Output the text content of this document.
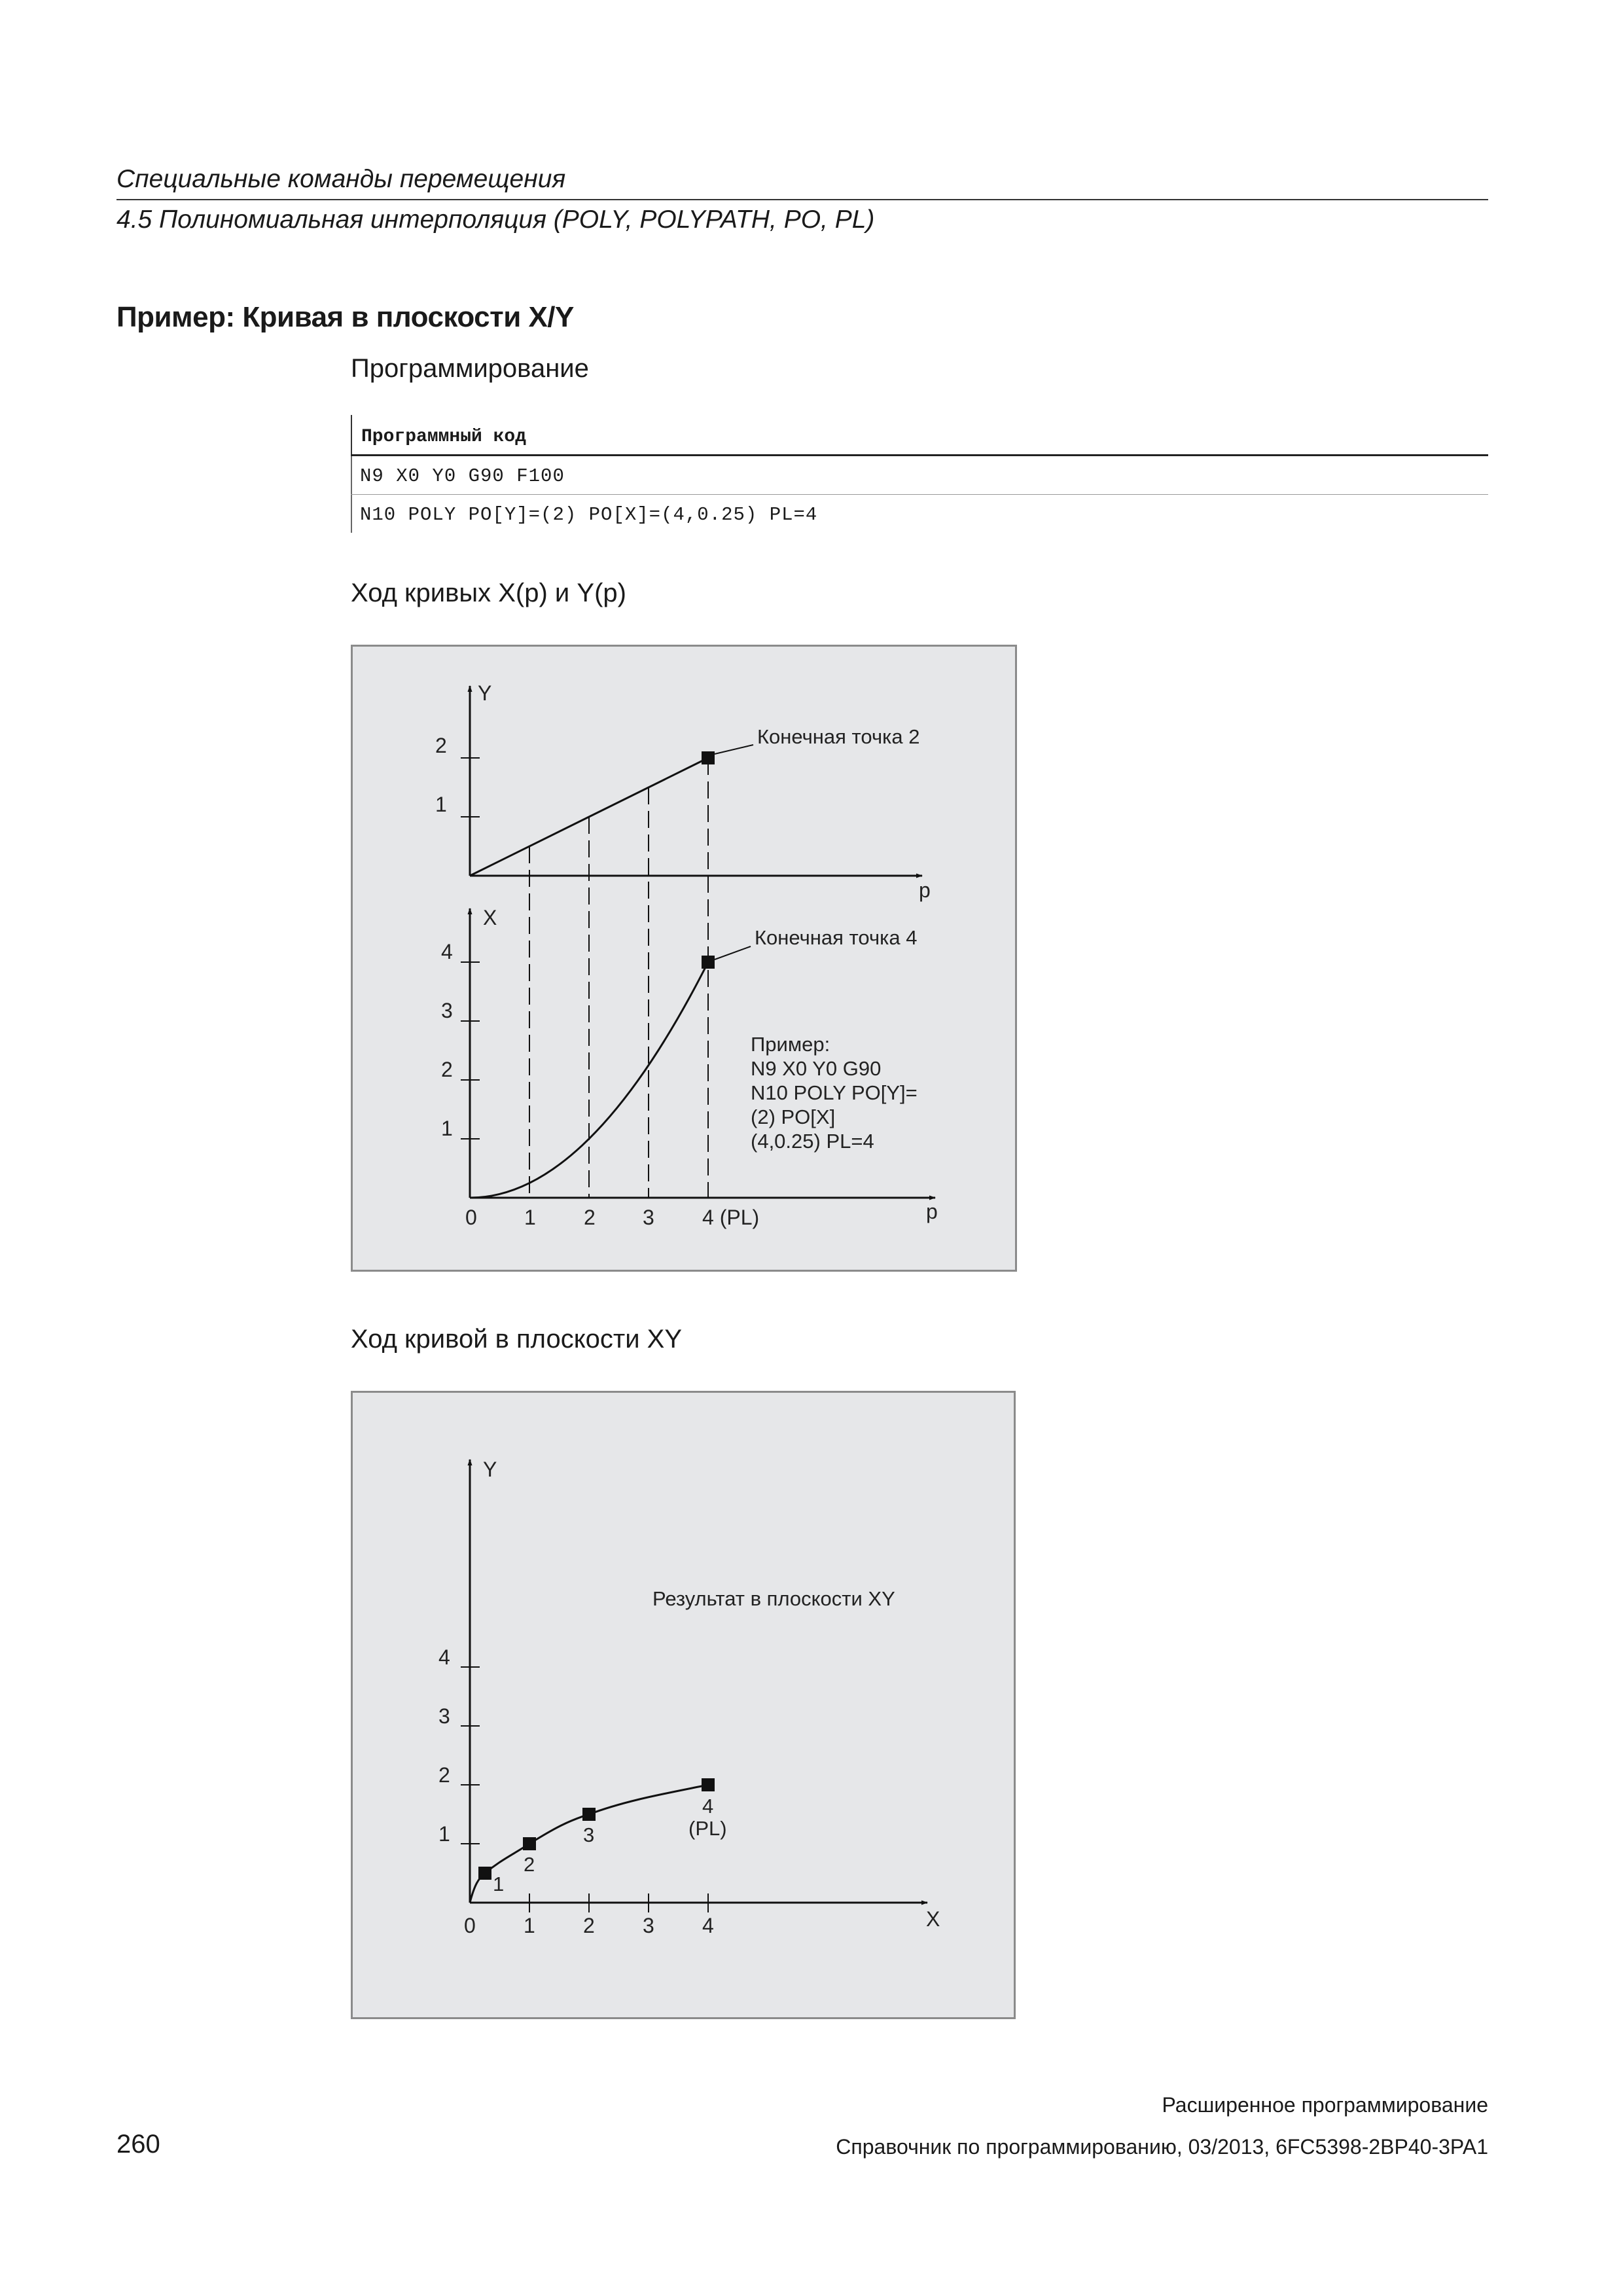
Специальные команды перемещения
4.5 Полиномиальная интерполяция (POLY, POLYPATH, PO, PL)
Пример: Кривая в плоскости X/Y
Программирование
Программный код
N9 X0 Y0 G90 F100
N10 POLY PO[Y]=(2) PO[X]=(4,0.25) PL=4
Ход кривых X(p) и Y(p)
Y
p
1
2	Конечная точка 2
X
p
1
2
3
4
0 1 2 3 4 (PL)
Конечная точка 4
Пример:
N9 X0 Y0 G90
N10 POLY PO[Y]=
(2) PO[X]
(4,0.25) PL=4
Ход кривой в плоскости XY
Y
X
1
2
3
4
0 1 2 3 4
1
2
3
4
(PL)
Результат в плоскости XY
Расширенное программирование
260	Справочник по программированию, 03/2013, 6FC5398-2BP40-3PA1
